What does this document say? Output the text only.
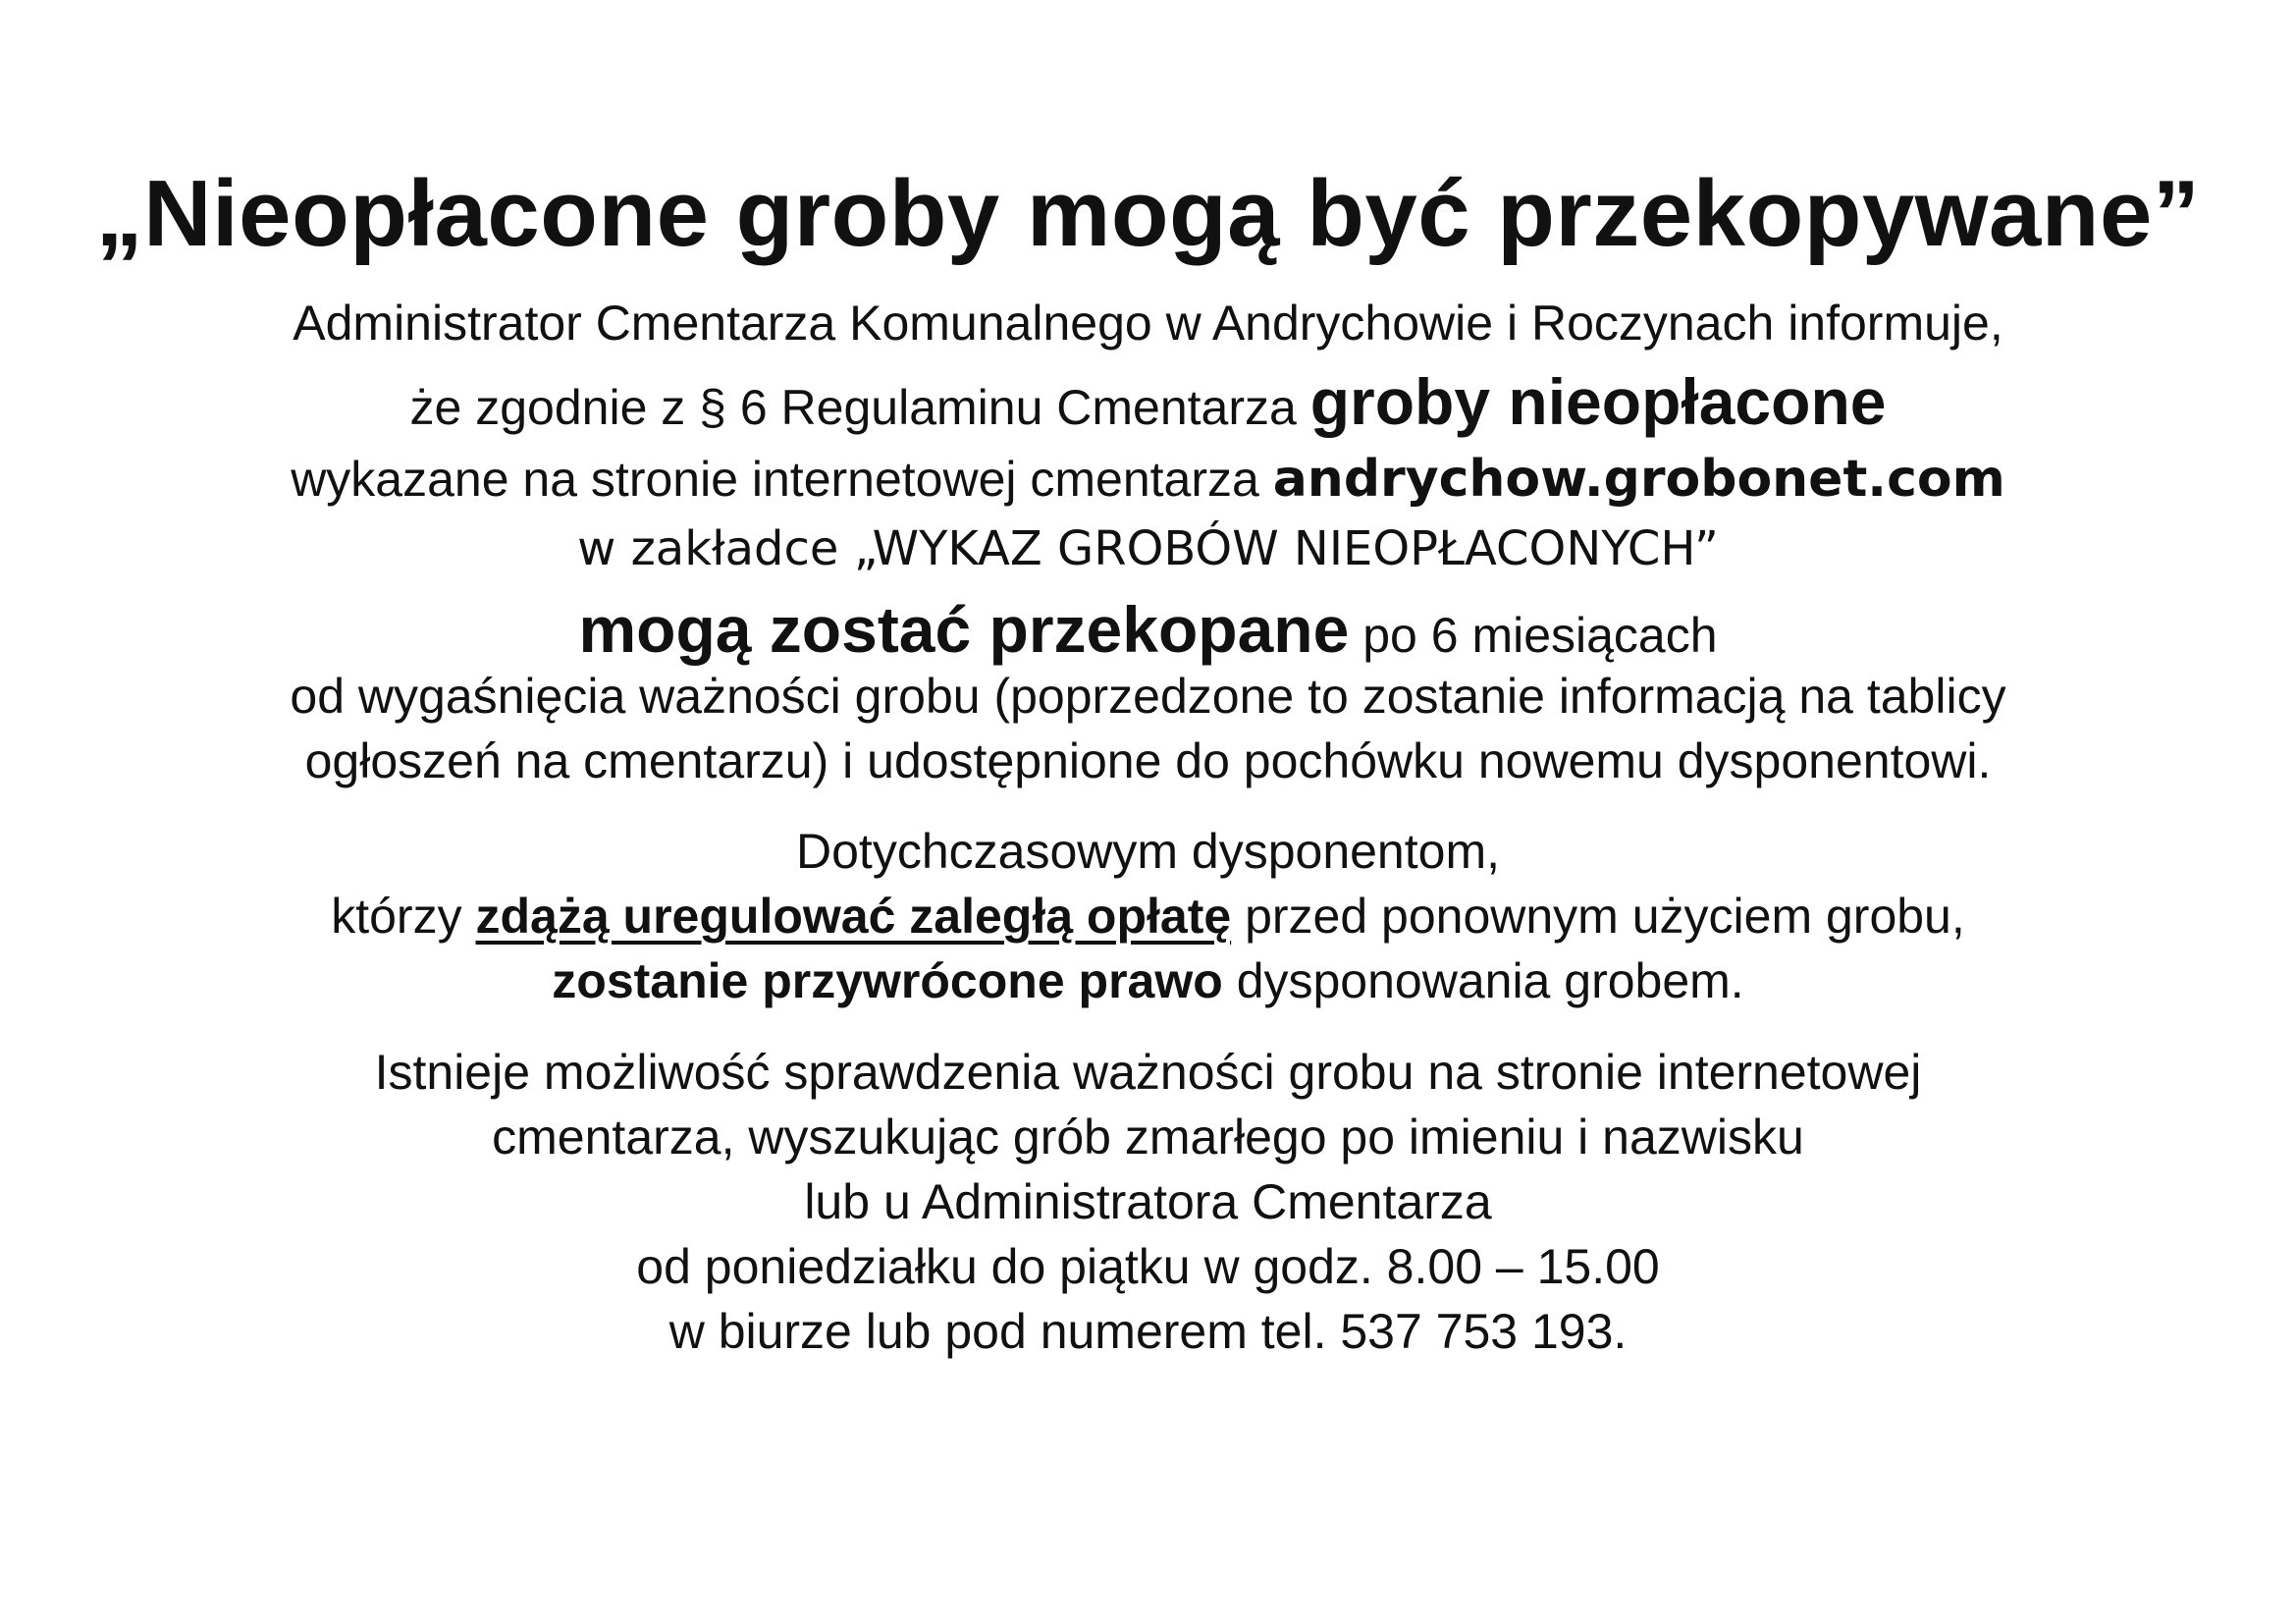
„Nieopłacone groby mogą być przekopywane”
Administrator Cmentarza Komunalnego w Andrychowie i Roczynach informuje,
że zgodnie z § 6 Regulaminu Cmentarza groby nieopłacone
wykazane na stronie internetowej cmentarza andrychow.grobonet.com
w zakładce „WYKAZ GROBÓW NIEOPŁACONYCH”
mogą zostać przekopane po 6 miesiącach
od wygaśnięcia ważności grobu (poprzedzone to zostanie informacją na tablicy
ogłoszeń na cmentarzu) i udostępnione do pochówku nowemu dysponentowi.
Dotychczasowym dysponentom,
którzy zdążą uregulować zaległą opłatę przed ponownym użyciem grobu,
zostanie przywrócone prawo dysponowania grobem.
Istnieje możliwość sprawdzenia ważności grobu na stronie internetowej
cmentarza, wyszukując grób zmarłego po imieniu i nazwisku
lub u Administratora Cmentarza
od poniedziałku do piątku w godz. 8.00 – 15.00
w biurze lub pod numerem tel. 537 753 193.
